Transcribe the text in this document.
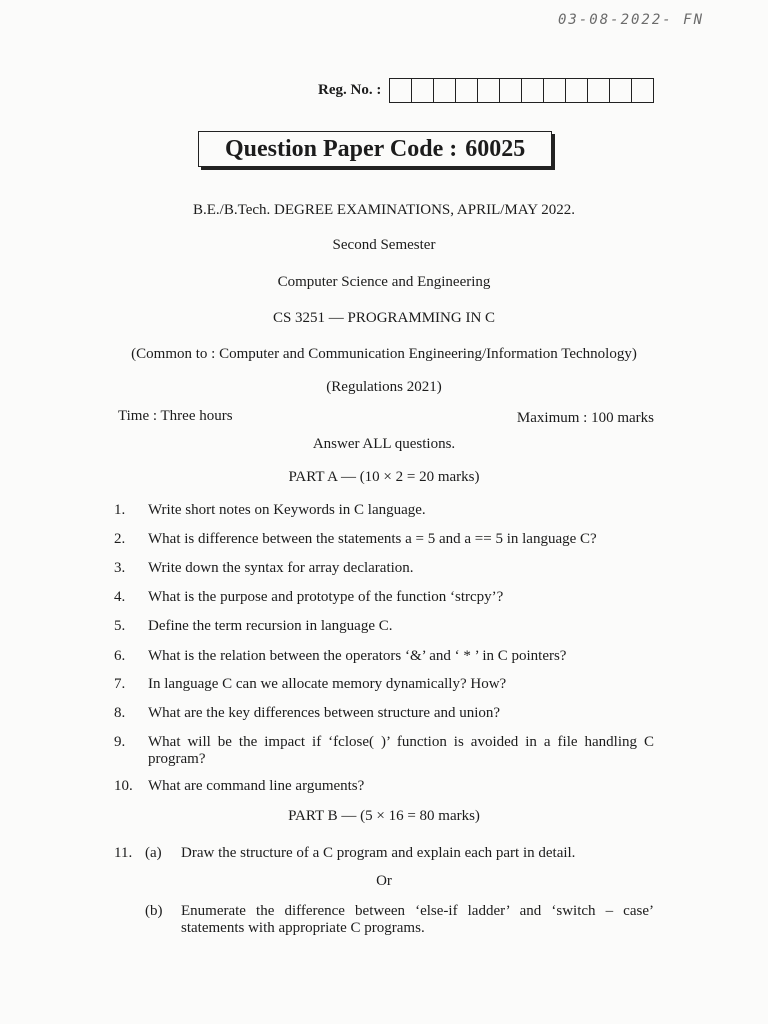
03-08-2022- FN
Reg. No. :
Question Paper Code : 60025
B.E./B.Tech. DEGREE EXAMINATIONS, APRIL/MAY 2022.
Second Semester
Computer Science and Engineering
CS 3251 — PROGRAMMING IN C
(Common to : Computer and Communication Engineering/Information Technology)
(Regulations 2021)
Time : Three hours	Maximum : 100 marks
Answer ALL questions.
PART A — (10 × 2 = 20 marks)
1.	Write short notes on Keywords in C language.
2.	What is difference between the statements a = 5 and a == 5 in language C?
3.	Write down the syntax for array declaration.
4.	What is the purpose and prototype of the function ‘strcpy’?
5.	Define the term recursion in language C.
6.	What is the relation between the operators ‘&’ and ‘ * ’ in C pointers?
7.	In language C can we allocate memory dynamically? How?
8.	What are the key differences between structure and union?
9.	What will be the impact if ‘fclose( )’ function is avoided in a file handling C program?
10.	What are command line arguments?
PART B — (5 × 16 = 80 marks)
11. (a)	Draw the structure of a C program and explain each part in detail.
Or
(b)	Enumerate the difference between ‘else-if ladder’ and ‘switch – case’ statements with appropriate C programs.
